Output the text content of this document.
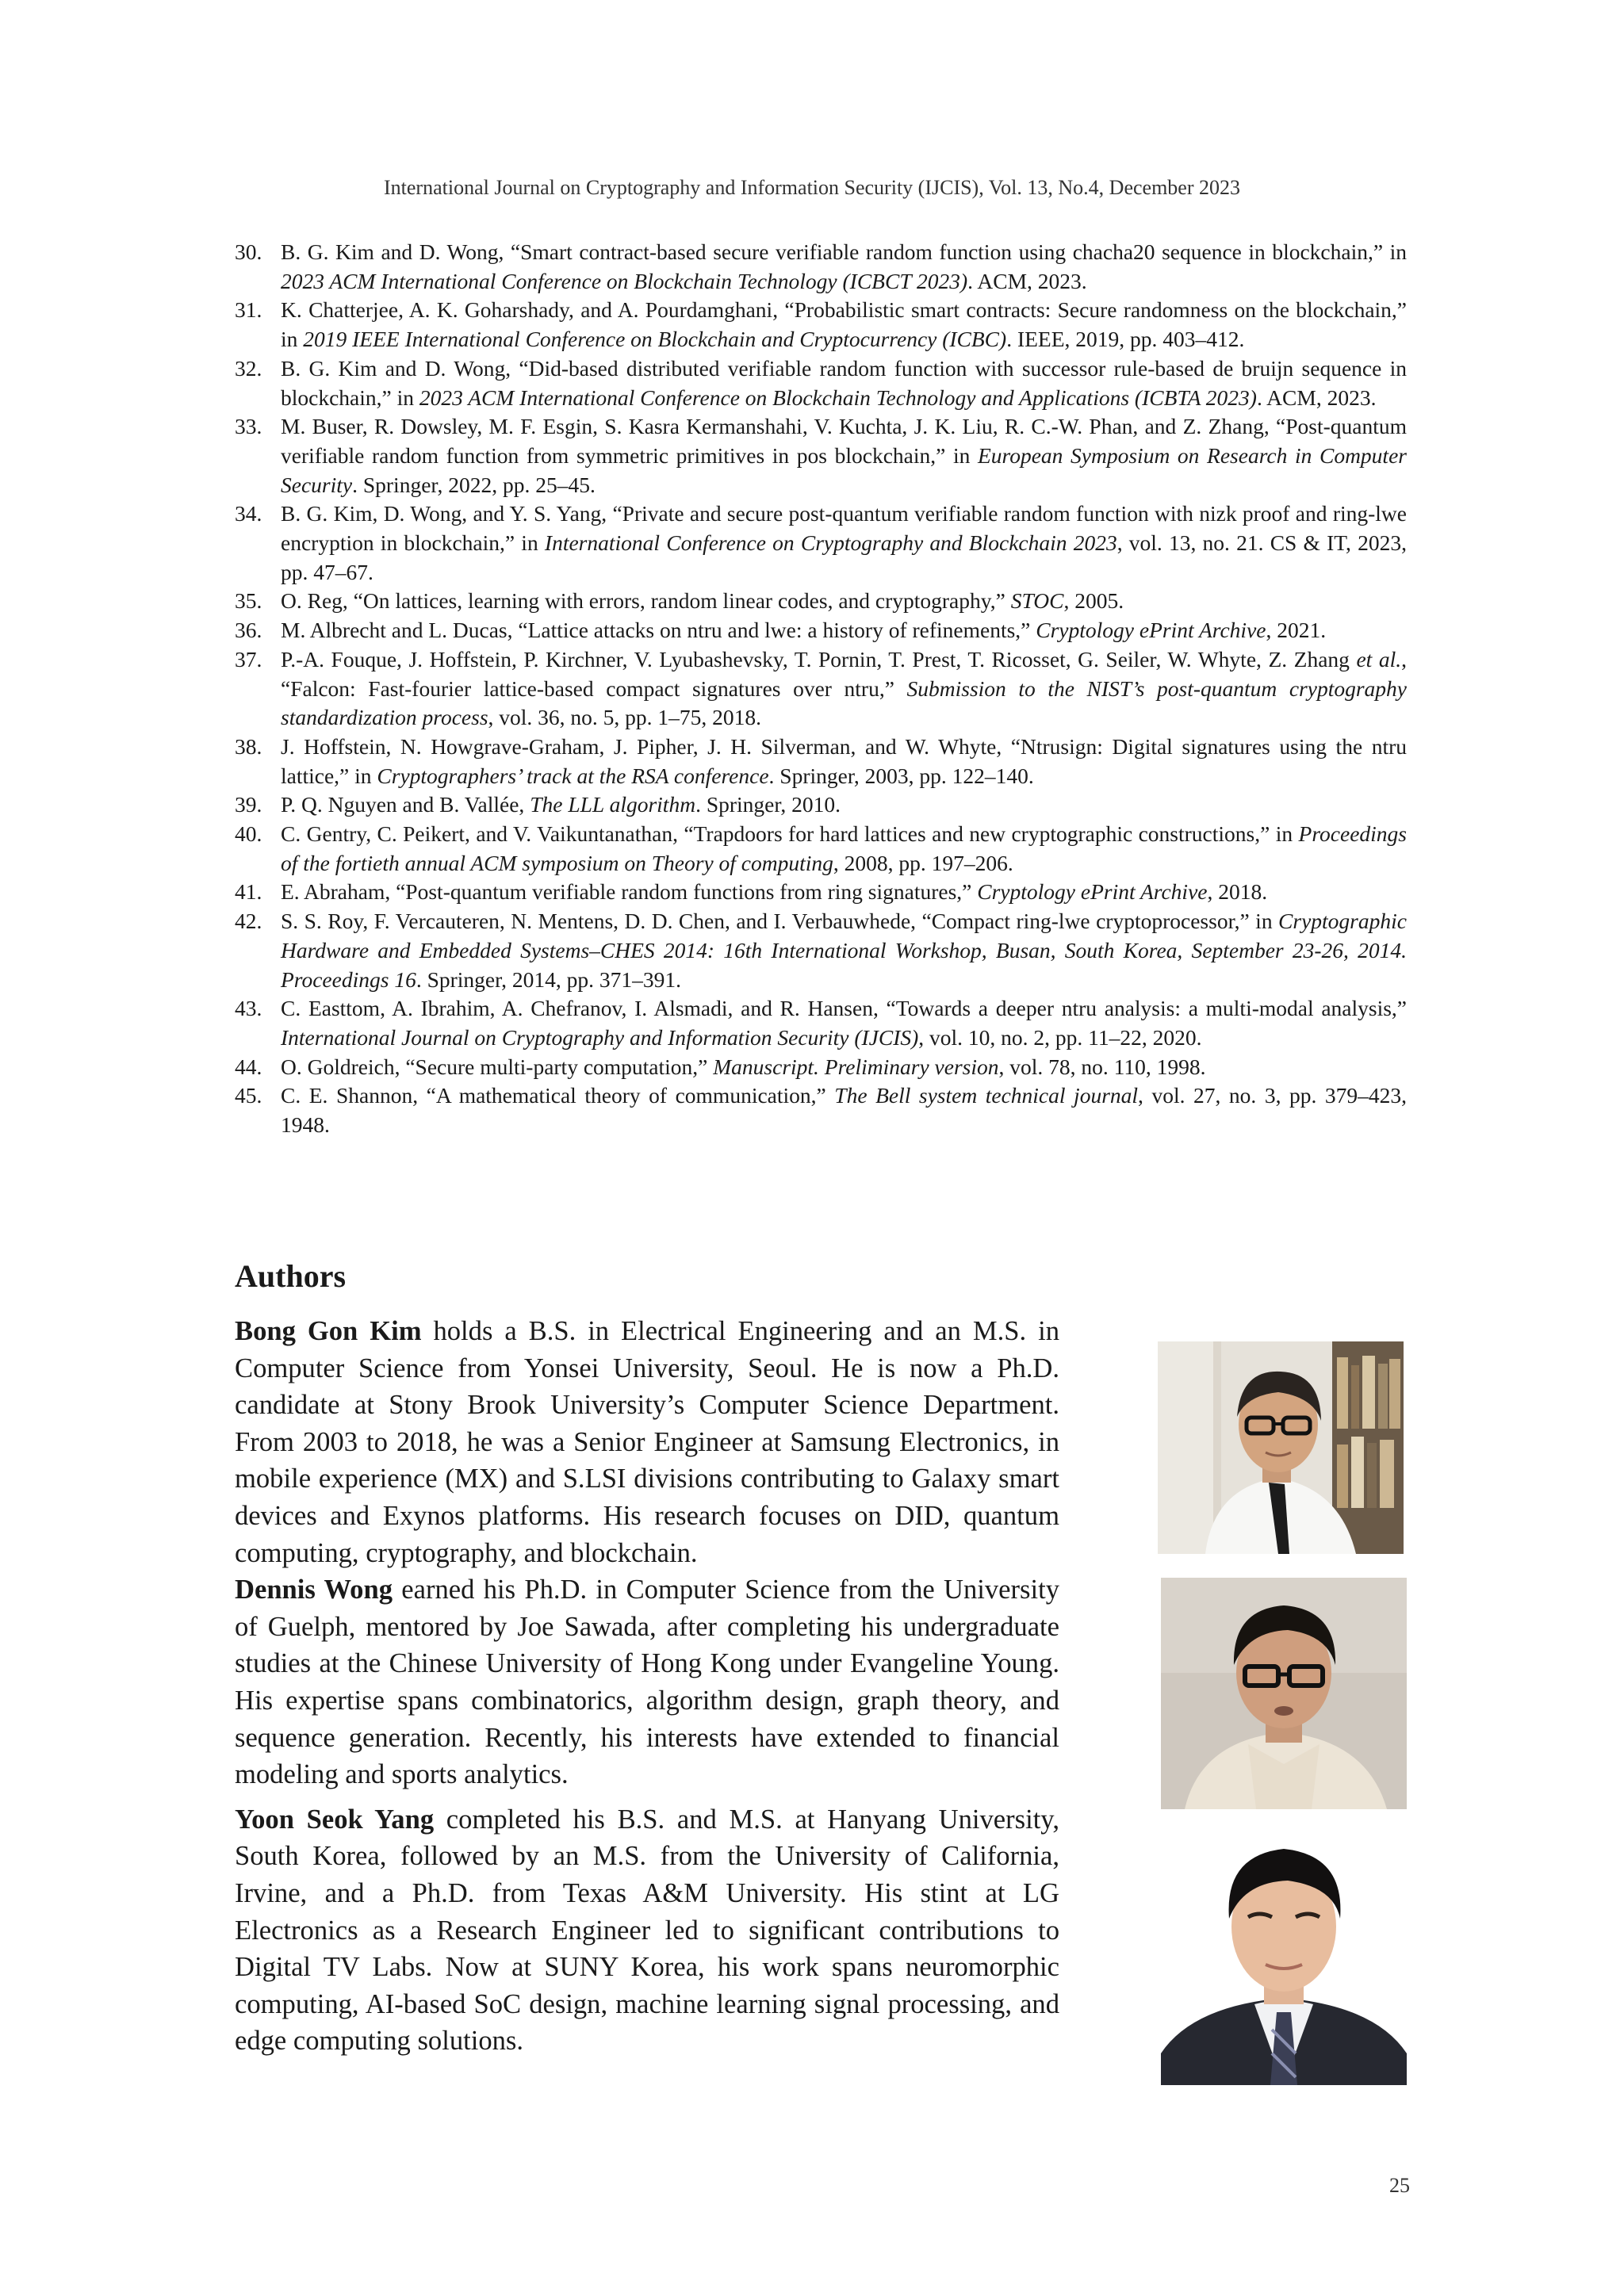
International Journal on Cryptography and Information Security (IJCIS), Vol. 13, No.4, December 2023
30. B. G. Kim and D. Wong, “Smart contract-based secure verifiable random function using chacha20 sequence in blockchain,” in 2023 ACM International Conference on Blockchain Technology (ICBCT 2023). ACM, 2023.
31. K. Chatterjee, A. K. Goharshady, and A. Pourdamghani, “Probabilistic smart contracts: Secure randomness on the blockchain,” in 2019 IEEE International Conference on Blockchain and Cryptocurrency (ICBC). IEEE, 2019, pp. 403–412.
32. B. G. Kim and D. Wong, “Did-based distributed verifiable random function with successor rule-based de bruijn sequence in blockchain,” in 2023 ACM International Conference on Blockchain Technology and Applications (ICBTA 2023). ACM, 2023.
33. M. Buser, R. Dowsley, M. F. Esgin, S. Kasra Kermanshahi, V. Kuchta, J. K. Liu, R. C.-W. Phan, and Z. Zhang, “Post-quantum verifiable random function from symmetric primitives in pos blockchain,” in European Symposium on Research in Computer Security. Springer, 2022, pp. 25–45.
34. B. G. Kim, D. Wong, and Y. S. Yang, “Private and secure post-quantum verifiable random function with nizk proof and ring-lwe encryption in blockchain,” in International Conference on Cryptography and Blockchain 2023, vol. 13, no. 21. CS & IT, 2023, pp. 47–67.
35. O. Reg, “On lattices, learning with errors, random linear codes, and cryptography,” STOC, 2005.
36. M. Albrecht and L. Ducas, “Lattice attacks on ntru and lwe: a history of refinements,” Cryptology ePrint Archive, 2021.
37. P.-A. Fouque, J. Hoffstein, P. Kirchner, V. Lyubashevsky, T. Pornin, T. Prest, T. Ricosset, G. Seiler, W. Whyte, Z. Zhang et al., “Falcon: Fast-fourier lattice-based compact signatures over ntru,” Submission to the NIST’s post-quantum cryptography standardization process, vol. 36, no. 5, pp. 1–75, 2018.
38. J. Hoffstein, N. Howgrave-Graham, J. Pipher, J. H. Silverman, and W. Whyte, “Ntrusign: Digital signatures using the ntru lattice,” in Cryptographers’ track at the RSA conference. Springer, 2003, pp. 122–140.
39. P. Q. Nguyen and B. Vallée, The LLL algorithm. Springer, 2010.
40. C. Gentry, C. Peikert, and V. Vaikuntanathan, “Trapdoors for hard lattices and new cryptographic constructions,” in Proceedings of the fortieth annual ACM symposium on Theory of computing, 2008, pp. 197–206.
41. E. Abraham, “Post-quantum verifiable random functions from ring signatures,” Cryptology ePrint Archive, 2018.
42. S. S. Roy, F. Vercauteren, N. Mentens, D. D. Chen, and I. Verbauwhede, “Compact ring-lwe cryptoprocessor,” in Cryptographic Hardware and Embedded Systems–CHES 2014: 16th International Workshop, Busan, South Korea, September 23-26, 2014. Proceedings 16. Springer, 2014, pp. 371–391.
43. C. Easttom, A. Ibrahim, A. Chefranov, I. Alsmadi, and R. Hansen, “Towards a deeper ntru analysis: a multi-modal analysis,” International Journal on Cryptography and Information Security (IJCIS), vol. 10, no. 2, pp. 11–22, 2020.
44. O. Goldreich, “Secure multi-party computation,” Manuscript. Preliminary version, vol. 78, no. 110, 1998.
45. C. E. Shannon, “A mathematical theory of communication,” The Bell system technical journal, vol. 27, no. 3, pp. 379–423, 1948.
Authors

Bong Gon Kim holds a B.S. in Electrical Engineering and an M.S. in Computer Science from Yonsei University, Seoul. He is now a Ph.D. candidate at Stony Brook University’s Computer Science Department. From 2003 to 2018, he was a Senior Engineer at Samsung Electronics, in mobile experience (MX) and S.LSI divisions contributing to Galaxy smart devices and Exynos platforms. His research focuses on DID, quantum computing, cryptography, and blockchain.

Dennis Wong earned his Ph.D. in Computer Science from the University of Guelph, mentored by Joe Sawada, after completing his undergraduate studies at the Chinese University of Hong Kong under Evangeline Young. His expertise spans combinatorics, algorithm design, graph theory, and sequence generation. Recently, his interests have extended to financial modeling and sports analytics.

Yoon Seok Yang completed his B.S. and M.S. at Hanyang University, South Korea, followed by an M.S. from the University of California, Irvine, and a Ph.D. from Texas A&M University. His stint at LG Electronics as a Research Engineer led to significant contributions to Digital TV Labs. Now at SUNY Korea, his work spans neuromorphic computing, AI-based SoC design, machine learning signal processing, and edge computing solutions.

25
